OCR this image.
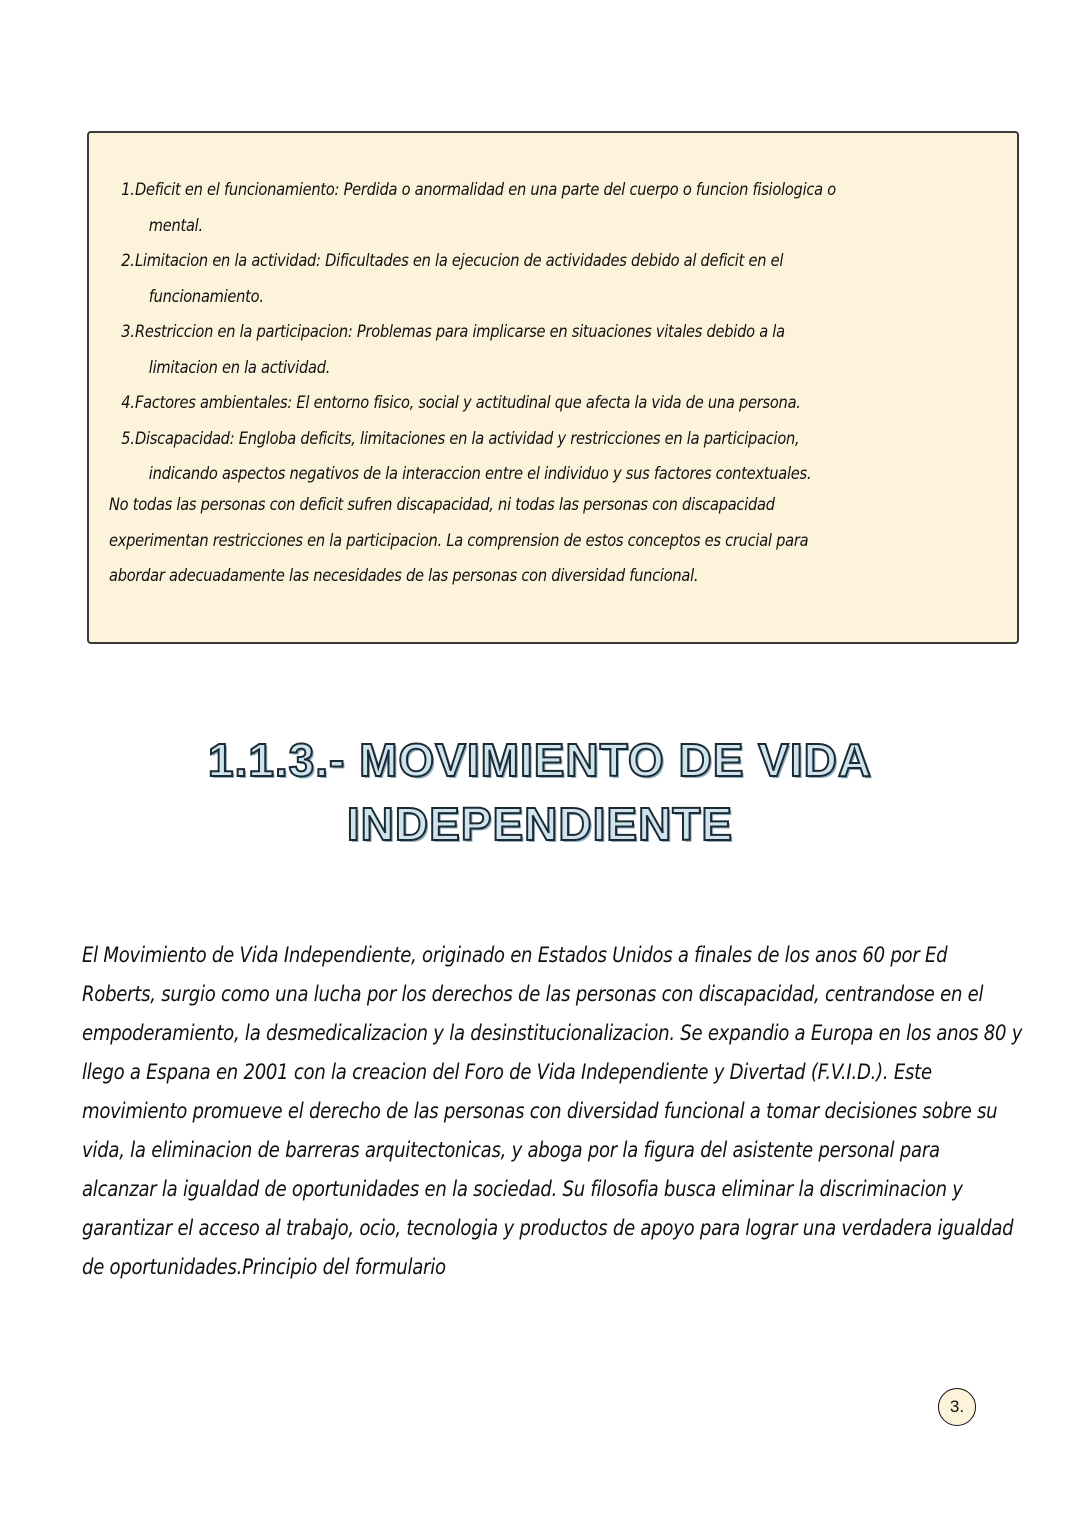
1. Deficit en el funcionamiento: Perdida o anormalidad en una parte del cuerpo o funcion fisiologica o
mental.
2. Limitacion en la actividad: Dificultades en la ejecucion de actividades debido al deficit en el
funcionamiento.
3. Restriccion en la participacion: Problemas para implicarse en situaciones vitales debido a la
limitacion en la actividad.
4. Factores ambientales: El entorno fisico, social y actitudinal que afecta la vida de una persona.
5. Discapacidad: Engloba deficits, limitaciones en la actividad y restricciones en la participacion,
indicando aspectos negativos de la interaccion entre el individuo y sus factores contextuales.
No todas las personas con deficit sufren discapacidad, ni todas las personas con discapacidad
experimentan restricciones en la participacion. La comprension de estos conceptos es crucial para
abordar adecuadamente las necesidades de las personas con diversidad funcional.
1.1.3.- MOVIMIENTO DE VIDA
INDEPENDIENTE
El Movimiento de Vida Independiente, originado en Estados Unidos a finales de los anos 60 por Ed
Roberts, surgio como una lucha por los derechos de las personas con discapacidad, centrandose en el
empoderamiento, la desmedicalizacion y la desinstitucionalizacion. Se expandio a Europa en los anos 80 y
llego a Espana en 2001 con la creacion del Foro de Vida Independiente y Divertad (F.V.I.D.). Este
movimiento promueve el derecho de las personas con diversidad funcional a tomar decisiones sobre su
vida, la eliminacion de barreras arquitectonicas, y aboga por la figura del asistente personal para
alcanzar la igualdad de oportunidades en la sociedad. Su filosofia busca eliminar la discriminacion y
garantizar el acceso al trabajo, ocio, tecnologia y productos de apoyo para lograr una verdadera igualdad
de oportunidades.Principio del formulario
3.
